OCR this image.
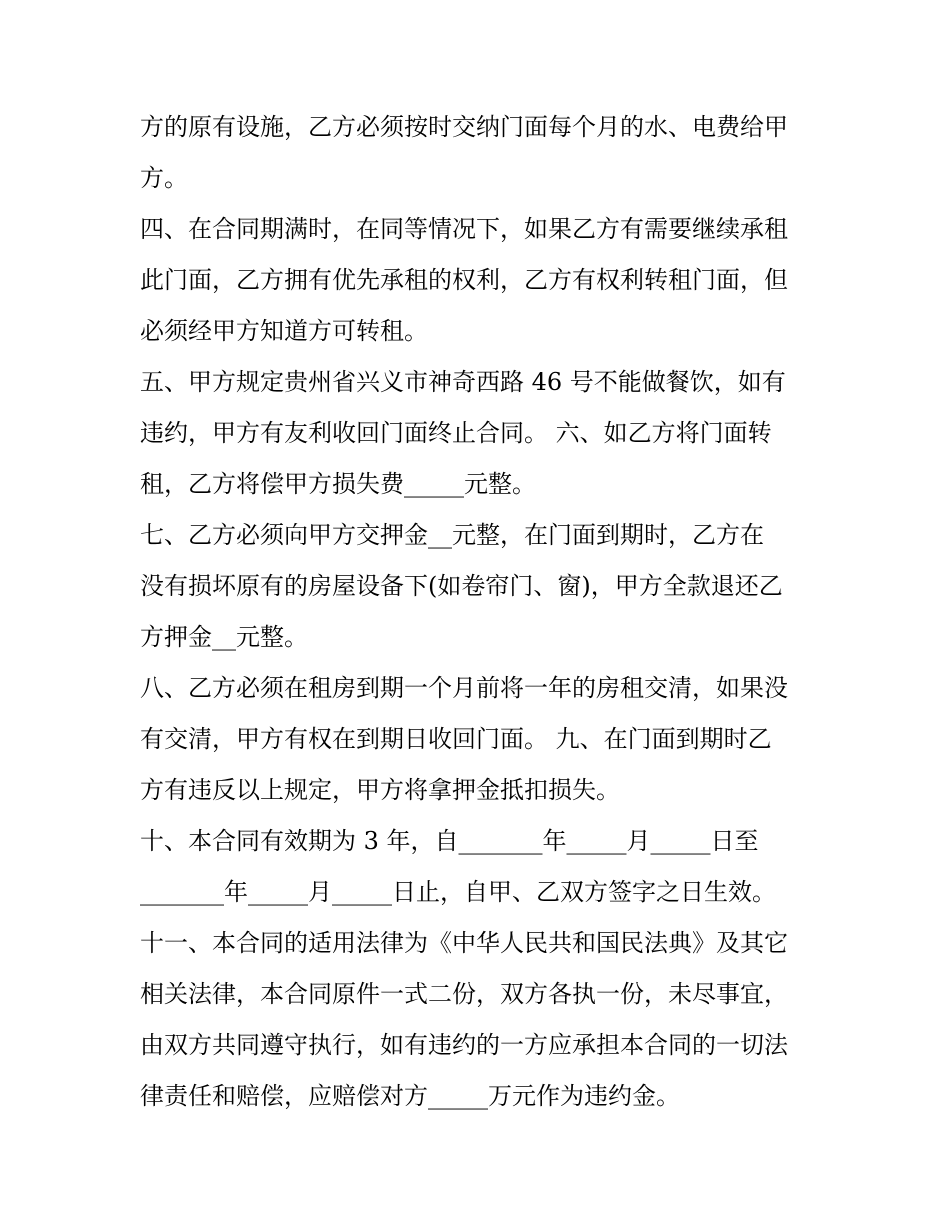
方的原有设施，乙方必须按时交纳门面每个月的水、电费给甲
方。
四、在合同期满时，在同等情况下，如果乙方有需要继续承租
此门面，乙方拥有优先承租的权利，乙方有权利转租门面，但
必须经甲方知道方可转租。
五、甲方规定贵州省兴义市神奇西路 46 号不能做餐饮，如有
违约，甲方有友利收回门面终止合同。 六、如乙方将门面转
租，乙方将偿甲方损失费_____元整。
七、乙方必须向甲方交押金__元整，在门面到期时，乙方在
没有损坏原有的房屋设备下(如卷帘门、窗)，甲方全款退还乙
方押金__元整。
八、乙方必须在租房到期一个月前将一年的房租交清，如果没
有交清，甲方有权在到期日收回门面。 九、在门面到期时乙
方有违反以上规定，甲方将拿押金抵扣损失。
十、本合同有效期为 3 年，自_______年_____月_____日至
_______年_____月_____日止，自甲、乙双方签字之日生效。
十一、本合同的适用法律为《中华人民共和国民法典》及其它
相关法律，本合同原件一式二份，双方各执一份，未尽事宜，
由双方共同遵守执行，如有违约的一方应承担本合同的一切法
律责任和赔偿，应赔偿对方_____万元作为违约金。
